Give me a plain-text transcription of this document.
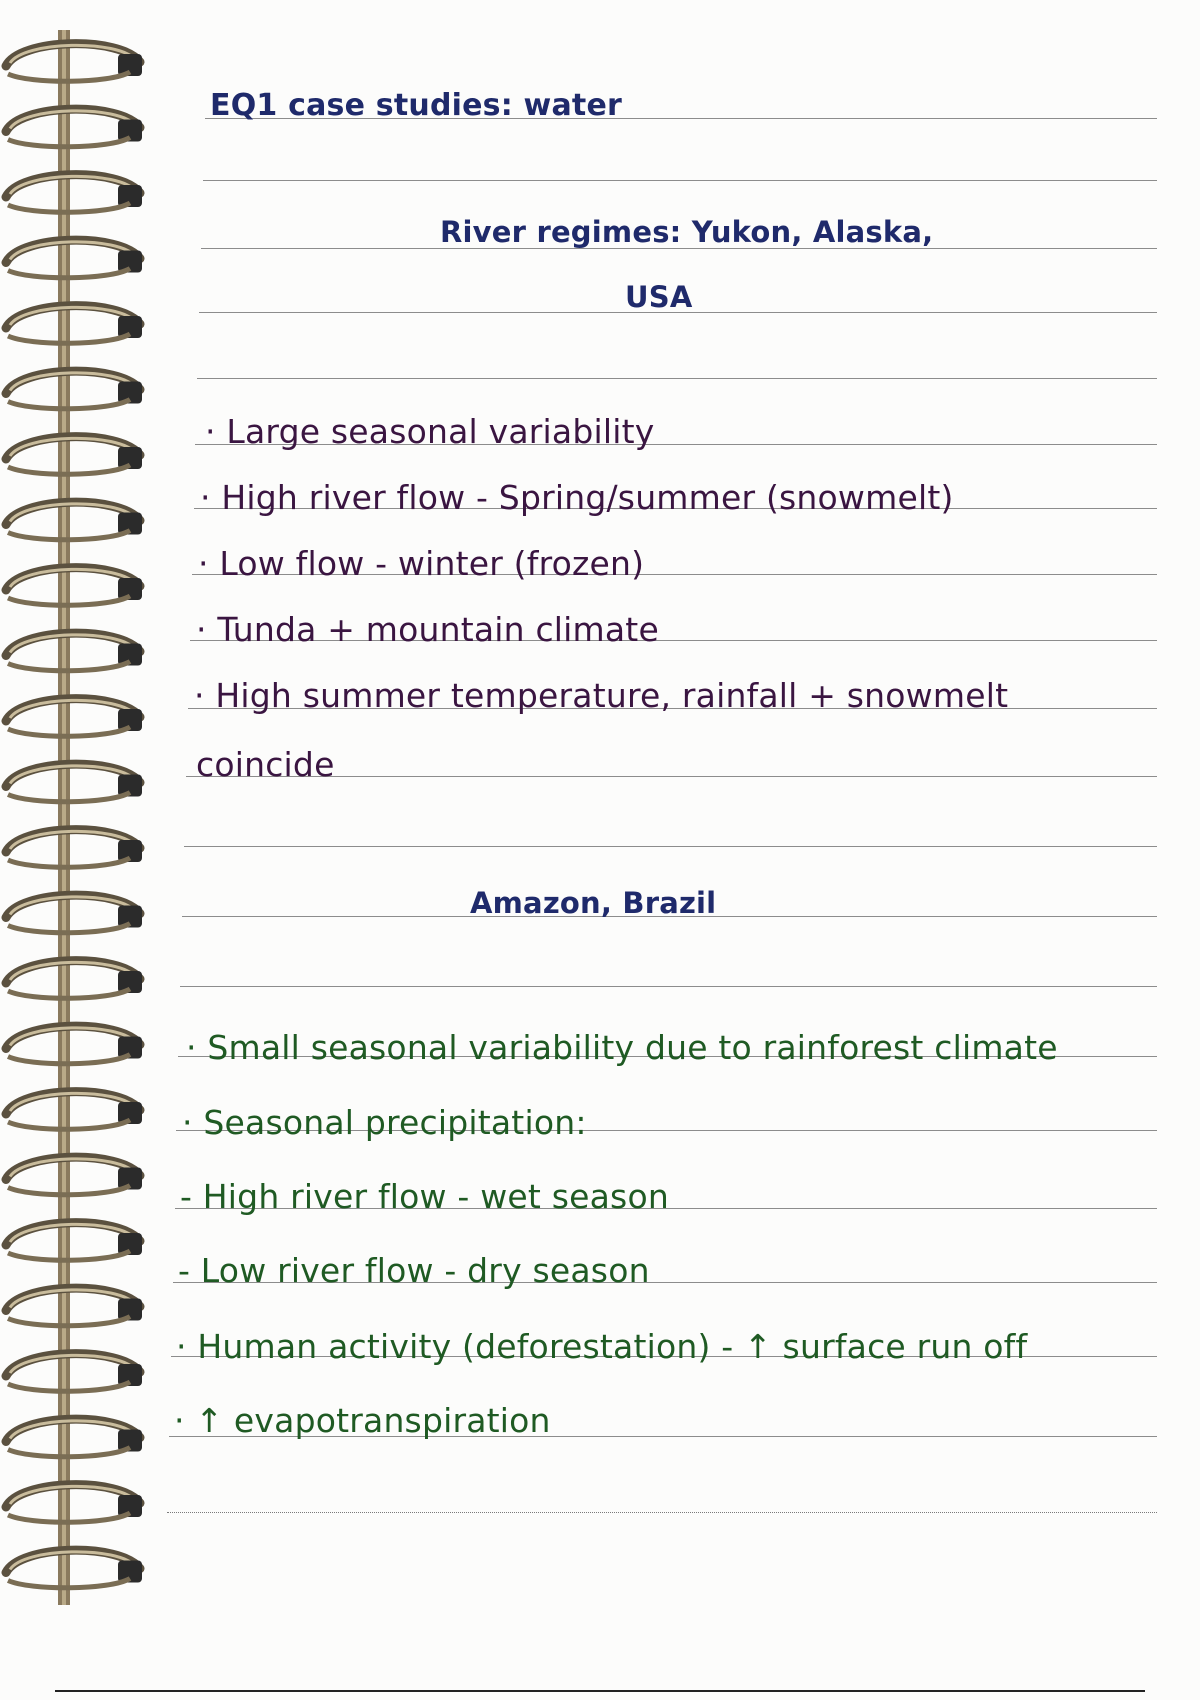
EQ1 case studies: water
River regimes: Yukon, Alaska,
USA
· Large seasonal variability
· High river flow - Spring/summer (snowmelt)
· Low flow - winter (frozen)
· Tunda + mountain climate
· High summer temperature, rainfall + snowmelt
coincide
Amazon, Brazil
· Small seasonal variability due to rainforest climate
· Seasonal precipitation:
- High river flow - wet season
- Low river flow - dry season
· Human activity (deforestation) - ↑ surface run off
· ↑ evapotranspiration
